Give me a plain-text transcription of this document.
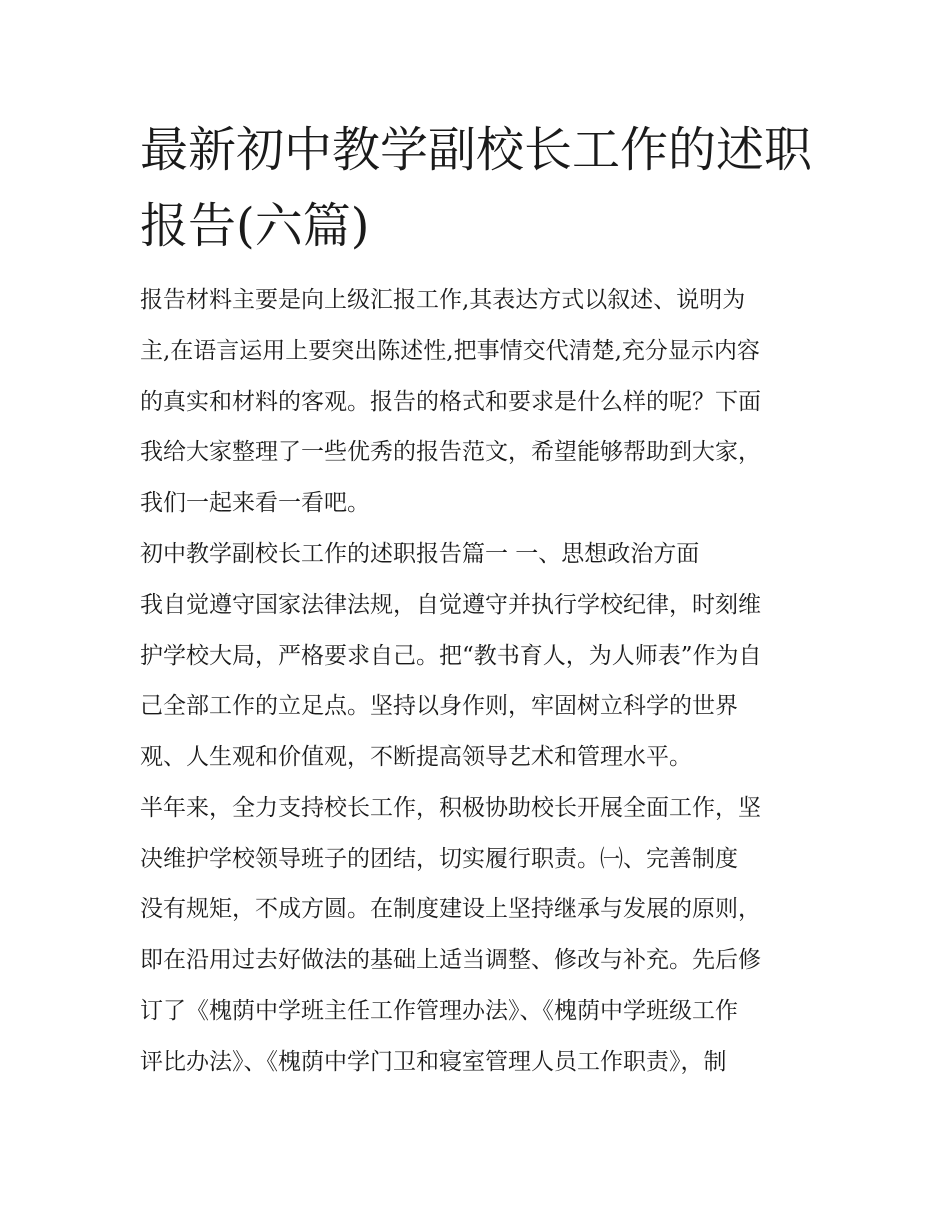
最新初中教学副校长工作的述职报告(六篇)
报告材料主要是向上级汇报工作,其表达方式以叙述、说明为
主,在语言运用上要突出陈述性,把事情交代清楚,充分显示内容
的真实和材料的客观。报告的格式和要求是什么样的呢？下面
我给大家整理了一些优秀的报告范文，希望能够帮助到大家，
我们一起来看一看吧。
初中教学副校长工作的述职报告篇一 一、思想政治方面
我自觉遵守国家法律法规，自觉遵守并执行学校纪律，时刻维
护学校大局，严格要求自己。把“教书育人，为人师表”作为自
己全部工作的立足点。坚持以身作则，牢固树立科学的世界
观、人生观和价值观，不断提高领导艺术和管理水平。
半年来，全力支持校长工作，积极协助校长开展全面工作，坚
决维护学校领导班子的团结，切实履行职责。㈠、完善制度
没有规矩，不成方圆。在制度建设上坚持继承与发展的原则，
即在沿用过去好做法的基础上适当调整、修改与补充。先后修
订了《槐荫中学班主任工作管理办法》、《槐荫中学班级工作
评比办法》、《槐荫中学门卫和寝室管理人员工作职责》，制
